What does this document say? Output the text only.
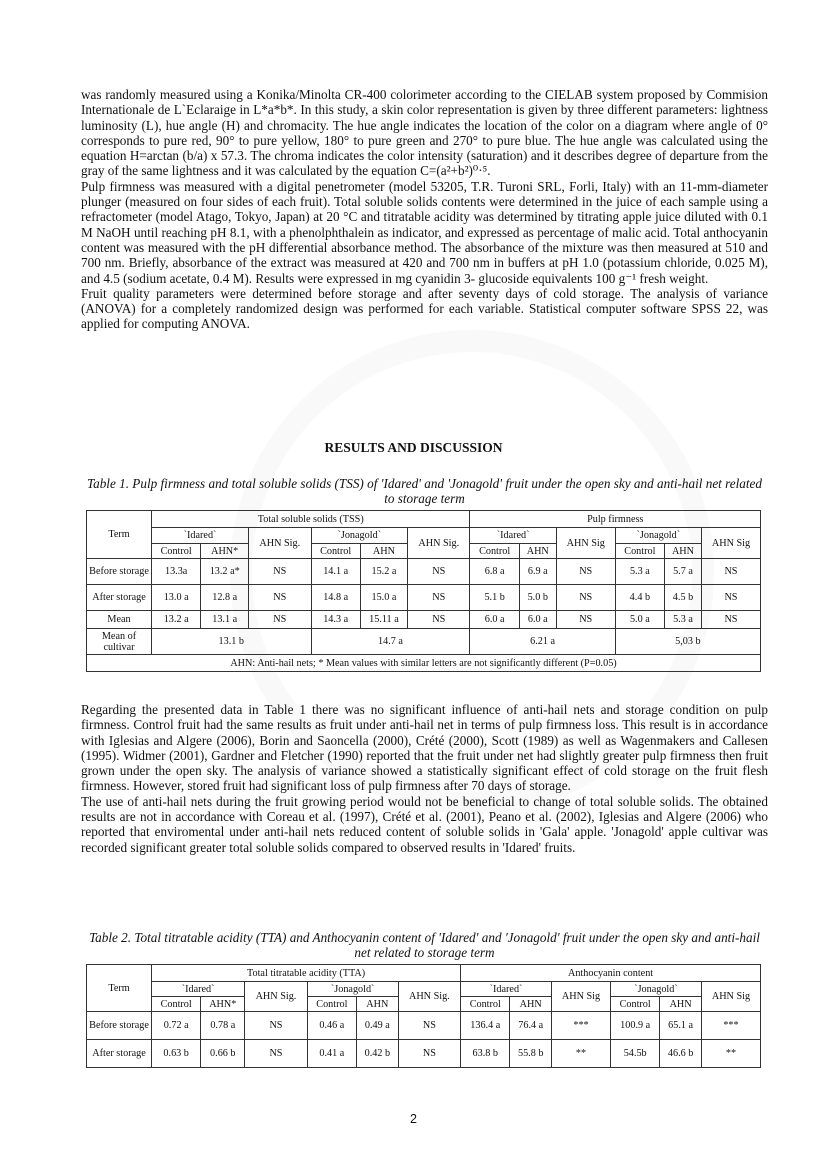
was randomly measured using a Konika/Minolta CR-400 colorimeter according to the CIELAB system proposed by Commision Internationale de L`Eclaraige in L*a*b*. In this study, a skin color representation is given by three different parameters: lightness luminosity (L), hue angle (H) and chromacity. The hue angle indicates the location of the color on a diagram where angle of 0° corresponds to pure red, 90° to pure yellow, 180° to pure green and 270° to pure blue. The hue angle was calculated using the equation H=arctan (b/a) x 57.3. The chroma indicates the color intensity (saturation) and it describes degree of departure from the gray of the same lightness and it was calculated by the equation C=(a²+b²)⁰·⁵.

Pulp firmness was measured with a digital penetrometer (model 53205, T.R. Turoni SRL, Forli, Italy) with an 11-mm-diameter plunger (measured on four sides of each fruit). Total soluble solids contents were determined in the juice of each sample using a refractometer (model Atago, Tokyo, Japan) at 20 °C and titratable acidity was determined by titrating apple juice diluted with 0.1 M NaOH until reaching pH 8.1, with a phenolphthalein as indicator, and expressed as percentage of malic acid. Total anthocyanin content was measured with the pH differential absorbance method. The absorbance of the mixture was then measured at 510 and 700 nm. Briefly, absorbance of the extract was measured at 420 and 700 nm in buffers at pH 1.0 (potassium chloride, 0.025 M), and 4.5 (sodium acetate, 0.4 M). Results were expressed in mg cyanidin 3- glucoside equivalents 100 g⁻¹ fresh weight.

Fruit quality parameters were determined before storage and after seventy days of cold storage. The analysis of variance (ANOVA) for a completely randomized design was performed for each variable. Statistical computer software SPSS 22, was applied for computing ANOVA.

RESULTS AND DISCUSSION
Table 1. Pulp firmness and total soluble solids (TSS) of 'Idared' and 'Jonagold' fruit under the open sky and anti-hail net related to storage term
Term	Total soluble solids (TSS)						Pulp firmness					
	`Idared`		AHN Sig.	`Jonagold`		AHN Sig.	`Idared`		AHN Sig	`Jonagold`		AHN Sig
	Control	AHN*		Control	AHN		Control	AHN		Control	AHN	
Before storage	13.3a	13.2 a*	NS	14.1 a	15.2 a	NS	6.8 a	6.9 a	NS	5.3 a	5.7 a	NS
After storage	13.0 a	12.8 a	NS	14.8 a	15.0 a	NS	5.1 b	5.0 b	NS	4.4 b	4.5 b	NS
Mean	13.2 a	13.1 a	NS	14.3 a	15.11 a	NS	6.0 a	6.0 a	NS	5.0 a	5.3 a	NS
Mean of cultivar	13.1 b			14.7 a			6.21 a			5,03 b		
AHN: Anti-hail nets; * Mean values with similar letters are not significantly different (P=0.05)												

Regarding the presented data in Table 1 there was no significant influence of anti-hail nets and storage condition on pulp firmness. Control fruit had the same results as fruit under anti-hail net in terms of pulp firmness loss. This result is in accordance with Iglesias and Algere (2006), Borin and Saoncella (2000), Crété (2000), Scott (1989) as well as Wagenmakers and Callesen (1995). Widmer (2001), Gardner and Fletcher (1990) reported that the fruit under net had slightly greater pulp firmness then fruit grown under the open sky. The analysis of variance showed a statistically significant effect of cold storage on the fruit flesh firmness. However, stored fruit had significant loss of pulp firmness after 70 days of storage.

The use of anti-hail nets during the fruit growing period would not be beneficial to change of total soluble solids. The obtained results are not in accordance with Coreau et al. (1997), Crété et al. (2001), Peano et al. (2002), Iglesias and Algere (2006) who reported that enviromental under anti-hail nets reduced content of soluble solids in 'Gala' apple. 'Jonagold' apple cultivar was recorded significant greater total soluble solids compared to observed results in 'Idared' fruits.

Table 2. Total titratable acidity (TTA) and Anthocyanin content of 'Idared' and 'Jonagold' fruit under the open sky and anti-hail net related to storage term
Term	Total titratable acidity (TTA)						Anthocyanin content					
	`Idared`		AHN Sig.	`Jonagold`		AHN Sig.	`Idared`		AHN Sig	`Jonagold`		AHN Sig
	Control	AHN*		Control	AHN		Control	AHN		Control	AHN	
Before storage	0.72 a	0.78 a	NS	0.46 a	0.49 a	NS	136.4 a	76.4 a	***	100.9 a	65.1 a	***
After storage	0.63 b	0.66 b	NS	0.41 a	0.42 b	NS	63.8 b	55.8 b	**	54.5b	46.6 b	**
2
